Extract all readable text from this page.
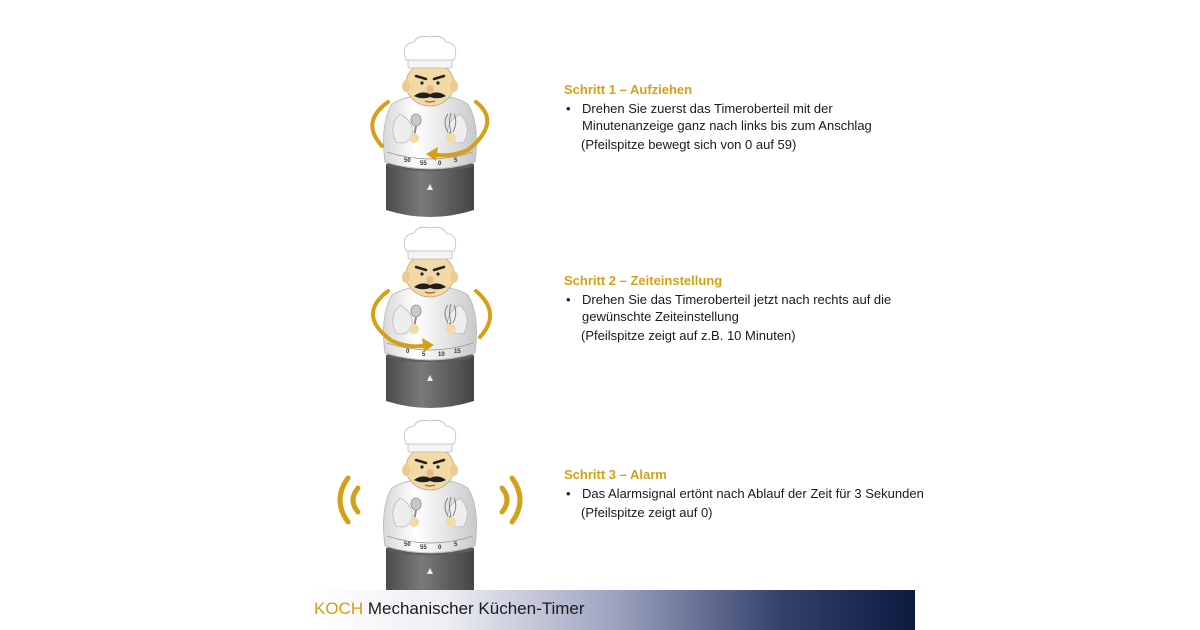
50 55 0 5
0 5 10 15
50 55 0 5
Schritt 1 – Aufziehen
• Drehen Sie zuerst das Timeroberteil mit der Minutenanzeige ganz nach links bis zum Anschlag
(Pfeilspitze bewegt sich von 0 auf 59)
Schritt 2 – Zeiteinstellung
• Drehen Sie das Timeroberteil jetzt nach rechts auf die gewünschte Zeiteinstellung
(Pfeilspitze zeigt auf z.B. 10 Minuten)
Schritt 3 – Alarm
• Das Alarmsignal ertönt nach Ablauf der Zeit für 3 Sekunden
(Pfeilspitze zeigt auf 0)
KOCH Mechanischer Küchen-Timer
